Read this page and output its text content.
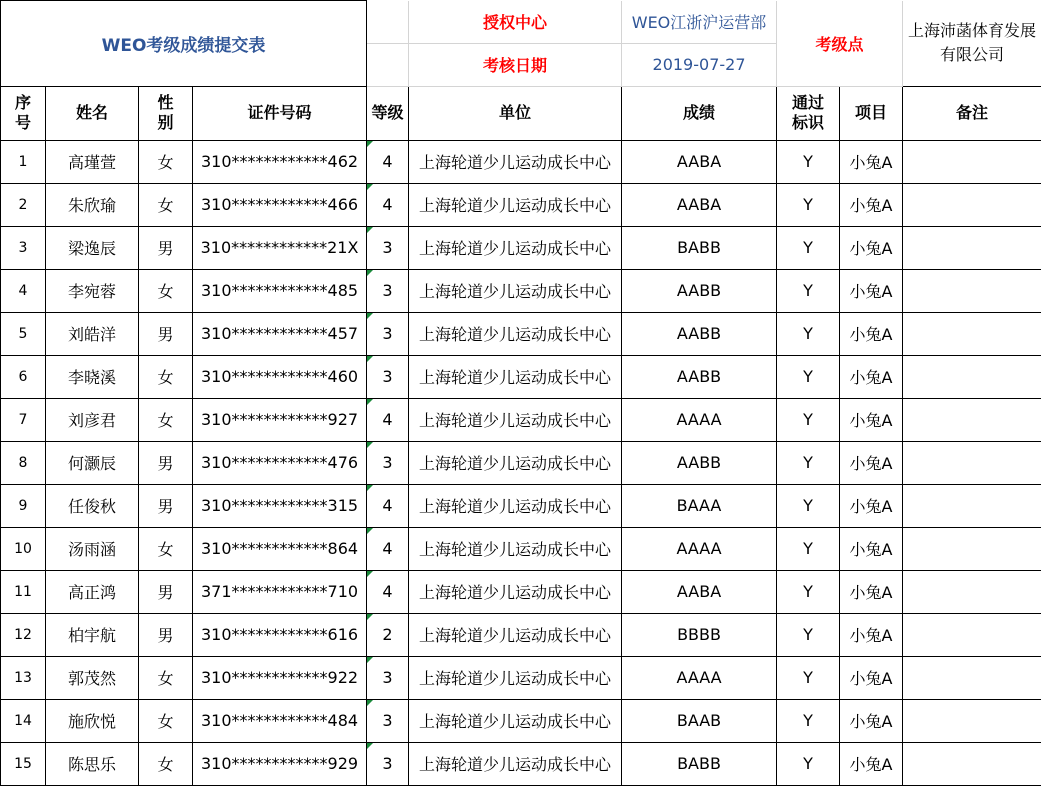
WEO考级成绩提交表					授权中心	WEO江浙沪运营部	考级点		上海沛菡体育发展有限公司
					考核日期	2019-07-27			
序号	姓名	性别	证件号码	等级	单位	成绩	通过标识	项目	备注
1	高瑾萱	女	310************462	4	上海轮道少儿运动成长中心	AABA	Y	小兔A	
2	朱欣瑜	女	310************466	4	上海轮道少儿运动成长中心	AABA	Y	小兔A	
3	梁逸辰	男	310************21X	3	上海轮道少儿运动成长中心	BABB	Y	小兔A	
4	李宛蓉	女	310************485	3	上海轮道少儿运动成长中心	AABB	Y	小兔A	
5	刘皓洋	男	310************457	3	上海轮道少儿运动成长中心	AABB	Y	小兔A	
6	李晓溪	女	310************460	3	上海轮道少儿运动成长中心	AABB	Y	小兔A	
7	刘彦君	女	310************927	4	上海轮道少儿运动成长中心	AAAA	Y	小兔A	
8	何灏辰	男	310************476	3	上海轮道少儿运动成长中心	AABB	Y	小兔A	
9	任俊秋	男	310************315	4	上海轮道少儿运动成长中心	BAAA	Y	小兔A	
10	汤雨涵	女	310************864	4	上海轮道少儿运动成长中心	AAAA	Y	小兔A	
11	高正鸿	男	371************710	4	上海轮道少儿运动成长中心	AABA	Y	小兔A	
12	柏宇航	男	310************616	2	上海轮道少儿运动成长中心	BBBB	Y	小兔A	
13	郭茂然	女	310************922	3	上海轮道少儿运动成长中心	AAAA	Y	小兔A	
14	施欣悦	女	310************484	3	上海轮道少儿运动成长中心	BAAB	Y	小兔A	
15	陈思乐	女	310************929	3	上海轮道少儿运动成长中心	BABB	Y	小兔A	
